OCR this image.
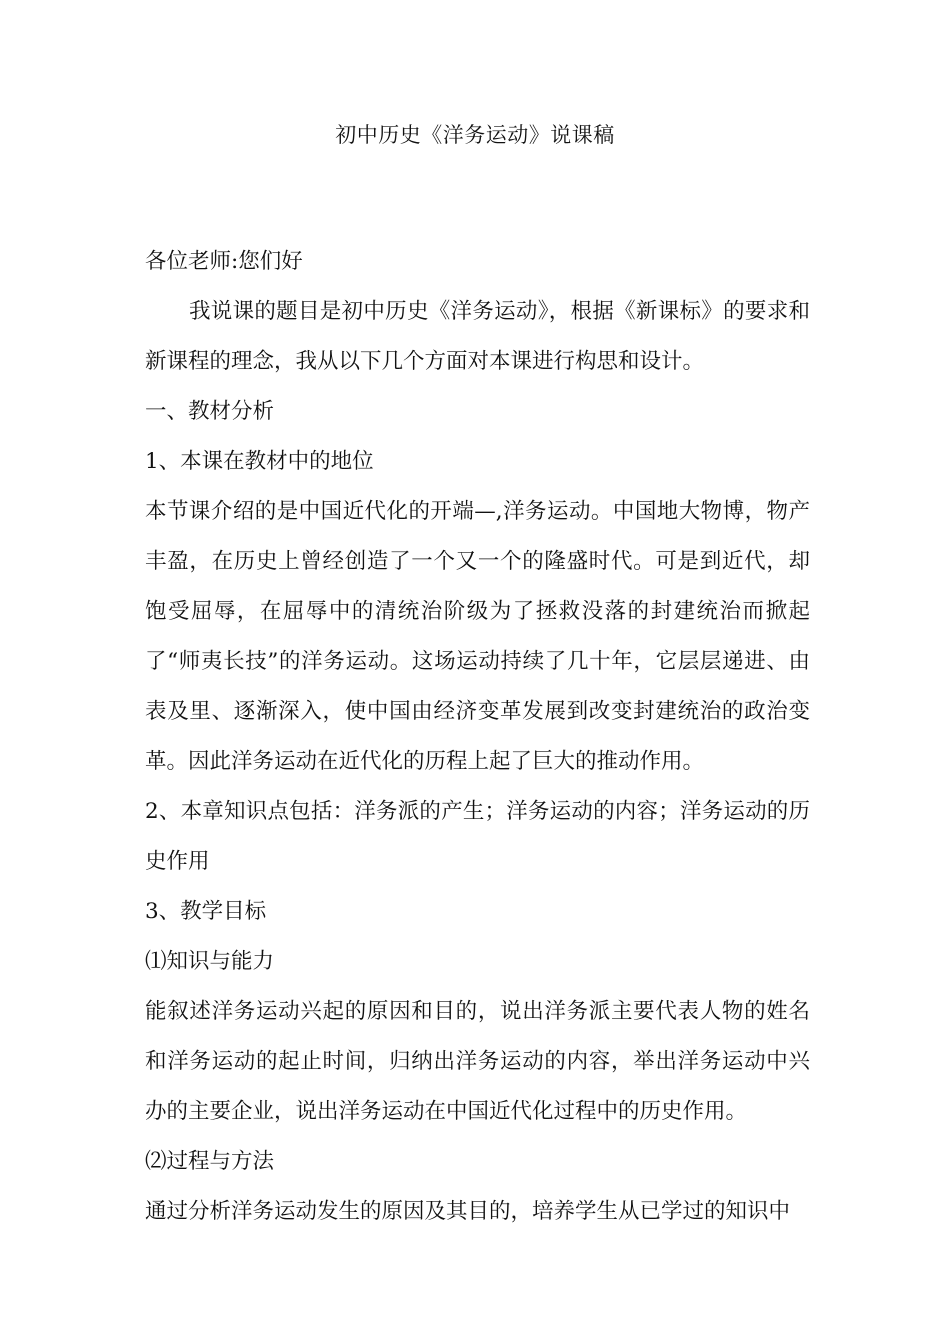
初中历史《洋务运动》说课稿

各位老师:您们好

我说课的题目是初中历史《洋务运动》，根据《新课标》的要求和新课程的理念，我从以下几个方面对本课进行构思和设计。

一、教材分析

1、本课在教材中的地位

本节课介绍的是中国近代化的开端—,洋务运动。中国地大物博，物产丰盈，在历史上曾经创造了一个又一个的隆盛时代。可是到近代，却饱受屈辱，在屈辱中的清统治阶级为了拯救没落的封建统治而掀起了“师夷长技”的洋务运动。这场运动持续了几十年，它层层递进、由表及里、逐渐深入，使中国由经济变革发展到改变封建统治的政治变革。因此洋务运动在近代化的历程上起了巨大的推动作用。

2、本章知识点包括：洋务派的产生；洋务运动的内容；洋务运动的历史作用

3、教学目标

⑴知识与能力

能叙述洋务运动兴起的原因和目的，说出洋务派主要代表人物的姓名和洋务运动的起止时间，归纳出洋务运动的内容，举出洋务运动中兴办的主要企业，说出洋务运动在中国近代化过程中的历史作用。

⑵过程与方法

通过分析洋务运动发生的原因及其目的，培养学生从已学过的知识中
